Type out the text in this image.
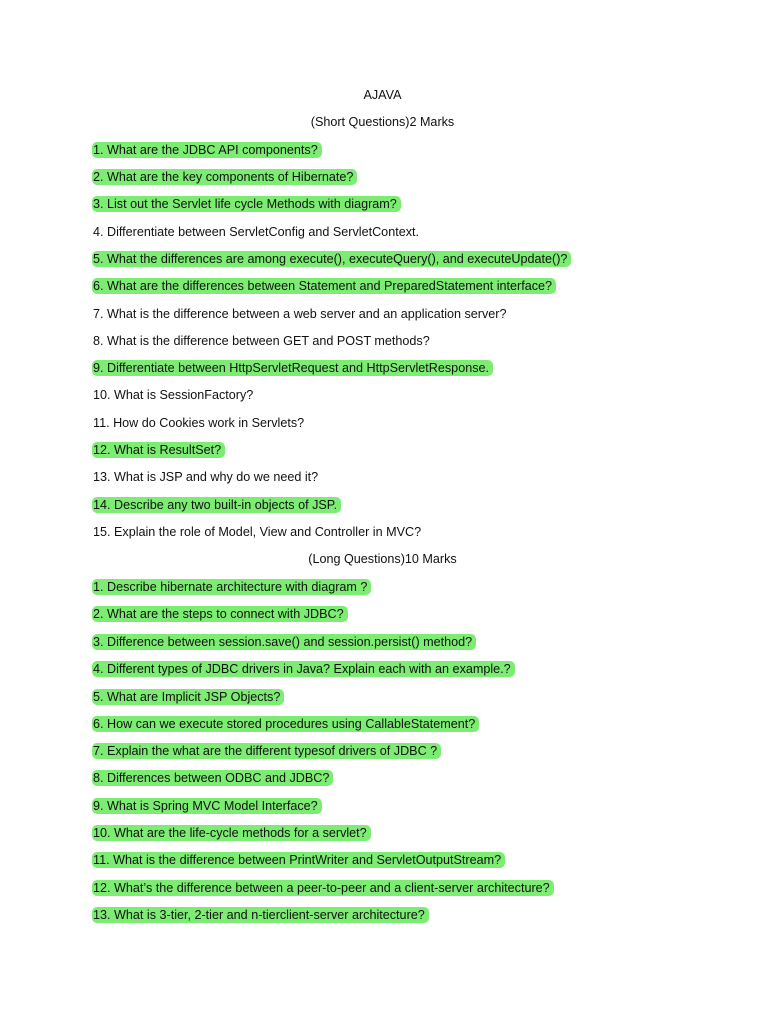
AJAVA
(Short Questions)2 Marks
1. What are the JDBC API components?
2. What are the key components of Hibernate?
3. List out the Servlet life cycle Methods with diagram?
4. Differentiate between ServletConfig and ServletContext.
5. What the differences are among execute(), executeQuery(), and executeUpdate()?
6. What are the differences between Statement and PreparedStatement interface?
7. What is the difference between a web server and an application server?
8. What is the difference between GET and POST methods?
9. Differentiate between HttpServletRequest and HttpServletResponse.
10. What is SessionFactory?
11. How do Cookies work in Servlets?
12. What is ResultSet?
13. What is JSP and why do we need it?
14. Describe any two built-in objects of JSP.
15. Explain the role of Model, View and Controller in MVC?
(Long Questions)10 Marks
1. Describe hibernate architecture with diagram ?
2. What are the steps to connect with JDBC?
3. Difference between session.save() and session.persist() method?
4. Different types of JDBC drivers in Java? Explain each with an example.?
5. What are Implicit JSP Objects?
6. How can we execute stored procedures using CallableStatement?
7. Explain the what are the different typesof drivers of JDBC ?
8. Differences between ODBC and JDBC?
9. What is Spring MVC Model Interface?
10. What are the life-cycle methods for a servlet?
11. What is the difference between PrintWriter and ServletOutputStream?
12. What’s the difference between a peer-to-peer and a client-server architecture?
13. What is 3-tier, 2-tier and n-tierclient-server architecture?
